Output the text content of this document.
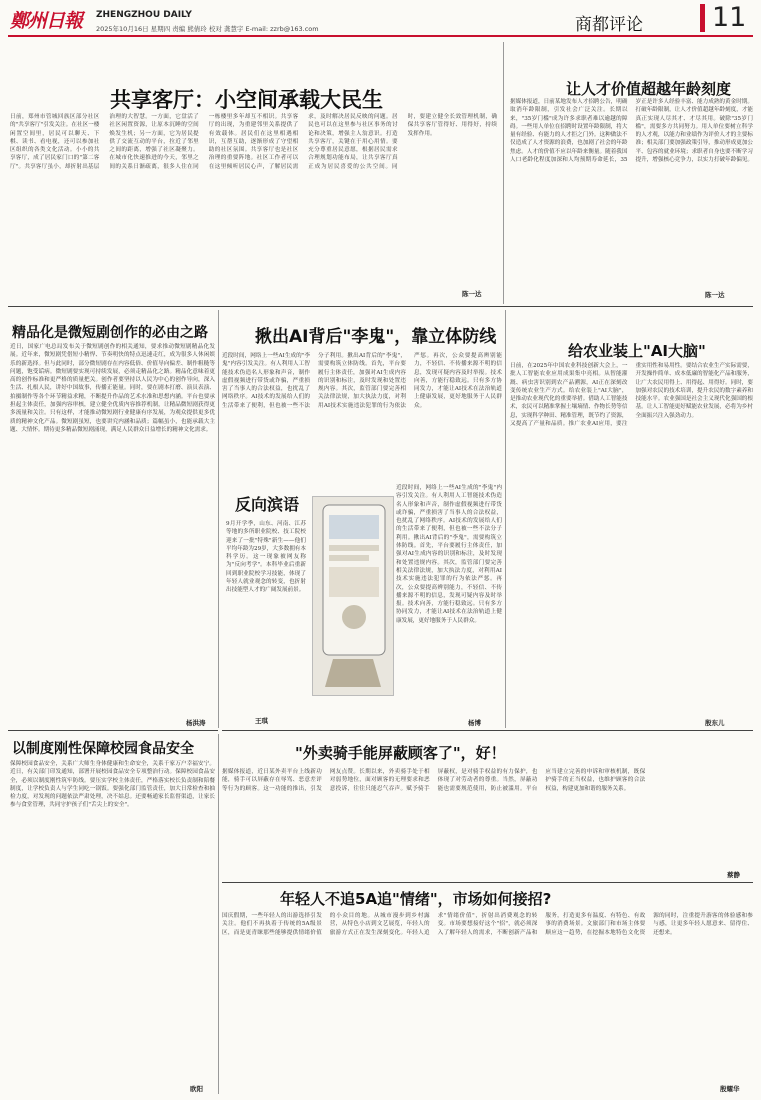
鄭州日報	ZHENGZHOU DAILY
2025年10月16日 星期四 责编 熊倩玲 校对 龚慧宇 E-mail: zzrb@163.com	商都评论	11
共享客厅：小空间承载大民生
日前，郑州市管城回族区部分社区的"共享客厅"引发关注。在社区一楼闲置空间里，居民可以聊天、下棋、读书、看电视，还可以参加社区组织的各类文化活动。小小的共享客厅，成了居民家门口的"第二客厅"。共享客厅虽小，却折射出基层治理的大智慧。一方面，它盘活了社区闲置资源，让原本沉睡的空间焕发生机；另一方面，它为居民提供了交流互动的平台，拉近了邻里之间的距离，增强了社区凝聚力。在城市化快速推进的今天，邻里之间的关系日渐疏离，很多人住在同一栋楼里多年却互不相识。共享客厅的出现，为重建邻里关系提供了有效载体。居民们在这里相遇相识，互帮互助，逐渐形成了守望相助的社区氛围。共享客厅也是社区治理的重要阵地。社区工作者可以在这里倾听居民心声，了解居民需求，及时解决居民反映的问题。居民也可以在这里参与社区事务的讨论和决策，增强主人翁意识。打造共享客厅，关键在于用心用情。要充分尊重居民意愿，根据居民需求合理规划功能布局，让共享客厅真正成为居民喜爱的公共空间。同时，要建立健全长效管理机制，确保共享客厅管得好、用得好，持续发挥作用。
陈一达
让人才价值超越年龄刻度
据媒体报道，日前某地发布人才招聘公告，明确取消年龄限制，引发社会广泛关注。长期以来，"35岁门槛"成为许多求职者难以逾越的障碍。一些用人单位在招聘时设置年龄限制，将大量有经验、有能力的人才拒之门外。这种做法不仅造成了人才资源的浪费，也加剧了社会的年龄焦虑。人才的价值不应以年龄来衡量。随着我国人口老龄化程度加深和人均预期寿命延长，35岁正是许多人经验丰富、能力成熟的黄金时期。打破年龄限制，让人才价值超越年龄刻度，才能真正实现人尽其才、才尽其用。破除"35岁门槛"，需要多方共同努力。用人单位要树立科学的人才观，以能力和业绩作为评价人才的主要标准；相关部门要加强政策引导，推动形成更加公平、包容的就业环境；求职者自身也要不断学习提升，增强核心竞争力，以实力打破年龄偏见。
陈一达
精品化是微短剧创作的必由之路
近日，国家广电总局发布关于微短剧创作的相关通知，要求推动微短剧精品化发展。近年来，微短剧凭借短小精悍、节奏明快的特点迅速走红，成为很多人休闲娱乐的新选择。但与此同时，部分微短剧存在内容低俗、价值导向偏差、制作粗糙等问题，饱受诟病。微短剧要实现可持续发展，必须走精品化之路。精品化意味着更高的创作标准和更严格的质量把关。创作者要坚持以人民为中心的创作导向，深入生活、扎根人民，讲好中国故事，传播正能量。同时，要在剧本打磨、演员表演、拍摄制作等各个环节精益求精，不断提升作品的艺术水准和思想内涵。平台也要承担起主体责任，加强内容审核，建立健全优质内容推荐机制，让精品微短剧获得更多流量和关注。只有这样，才能推动微短剧行业健康有序发展，为观众提供更多优质的精神文化产品。微短剧虽短，也要讲究内涵和品质；篇幅虽小，也能承载大主题、大情怀。期待更多精品微短剧涌现，满足人民群众日益增长的精神文化需求。
杨洪涛
揪出AI背后"李鬼"，靠立体防线
近段时间，网络上一些AI生成的"李鬼"内容引发关注。有人利用人工智能技术伪造名人形象和声音，制作虚假视频进行带货或诈骗，严重损害了当事人的合法权益，也扰乱了网络秩序。AI技术的发展给人们的生活带来了便利，但也被一些不法分子利用。揪出AI背后的"李鬼"，需要构筑立体防线。首先，平台要履行主体责任，加强对AI生成内容的识别和标注，及时发现和处置违规内容。其次，监管部门要完善相关法律法规，加大执法力度，对利用AI技术实施违法犯罪的行为依法严惩。再次，公众要提高辨别能力，不轻信、不传播来源不明的信息，发现可疑内容及时举报。技术向善，方能行稳致远。只有多方协同发力，才能让AI技术在法治轨道上健康发展，更好地服务于人民群众。
近段时间，网络上一些AI生成的"李鬼"内容引发关注。有人利用人工智能技术伪造名人形象和声音，制作虚假视频进行带货或诈骗，严重损害了当事人的合法权益，也扰乱了网络秩序。AI技术的发展给人们的生活带来了便利，但也被一些不法分子利用。揪出AI背后的"李鬼"，需要构筑立体防线。首先，平台要履行主体责任，加强对AI生成内容的识别和标注，及时发现和处置违规内容。其次，监管部门要完善相关法律法规，加大执法力度，对利用AI技术实施违法犯罪的行为依法严惩。再次，公众要提高辨别能力，不轻信、不传播来源不明的信息，发现可疑内容及时举报。技术向善，方能行稳致远。只有多方协同发力，才能让AI技术在法治轨道上健康发展，更好地服务于人民群众。
杨博
反向滨语
9月开学季，山东、河南、江苏等地的多所职业院校、技工院校迎来了一批"特殊"新生——他们平均年龄为29岁，大多数拥有本科学历。这一现象被网友称为"反向考学"。本科毕业后重新回到职业院校学习技能，体现了年轻人就业观念的转变，也折射出技能型人才的广阔发展前景。
王琪
给农业装上"AI大脑"
日前，在2025年中国农业科技创新大会上，一批人工智能农业应用成果集中亮相。从智能灌溉、病虫害识别到农产品溯源，AI正在深刻改变传统农业生产方式。给农业装上"AI大脑"，是推动农业现代化的重要举措。借助人工智能技术，农民可以精准掌握土壤墒情、作物长势等信息，实现科学种田、精准管理，既节约了资源，又提高了产量和品质。推广农业AI应用，要注重实用性和易用性。要结合农业生产实际需要，开发操作简单、成本低廉的智能化产品和服务，让广大农民用得上、用得起、用得好。同时，要加强对农民的技术培训，提升农民的数字素养和技能水平。农业强国是社会主义现代化强国的根基。让人工智能更好赋能农业发展，必将为乡村全面振兴注入强劲动力。
殷东儿
以制度刚性保障校园食品安全
保障校园食品安全，关系广大师生身体健康和生命安全，关系千家万户幸福安宁。近日，有关部门印发通知，部署开展校园食品安全专项整治行动。保障校园食品安全，必须以制度刚性筑牢防线。要压实学校主体责任，严格落实校长负责制和陪餐制度，让学校负责人与学生同吃一锅饭。要强化部门监管责任，加大日常检查和抽检力度，对发现的问题依法严肃处理，决不姑息。还要畅通家长监督渠道，让家长参与食堂管理，共同守护孩子们"舌尖上的安全"。
欧阳
"外卖骑手能屏蔽顾客了"，好！
据媒体报道，近日某外卖平台上线新功能，骑手可以屏蔽存在辱骂、恶意差评等行为的顾客。这一功能的推出，引发网友点赞。长期以来，外卖骑手处于相对弱势地位，面对顾客的无理要求和恶意投诉，往往只能忍气吞声。赋予骑手屏蔽权，是对骑手权益的有力保护，也体现了对劳动者的尊重。当然，屏蔽功能也需要规范使用，防止被滥用。平台应当建立完善的申诉和审核机制，既保护骑手的正当权益，也维护顾客的合法权益，构建更加和谐的服务关系。
蔡静
年轻人不追5A追"情绪"，市场如何接招?
国庆假期，一些年轻人的出游选择引发关注。他们不再执着于传统的5A级景区，而是更青睐那些能够提供情绪价值的小众目的地。从城市漫步到乡村露营，从特色小店到文艺展览，年轻人的旅游方式正在发生深刻变化。年轻人追求"情绪价值"，折射出消费观念的转变。市场要想接好这个"招"，就必须深入了解年轻人的需求，不断创新产品和服务，打造更多有温度、有特色、有故事的消费场景。文旅部门和市场主体要顺应这一趋势，在挖掘本地特色文化资源的同时，注重提升游客的体验感和参与感，让更多年轻人愿意来、留得住、还想来。
殷耀华
